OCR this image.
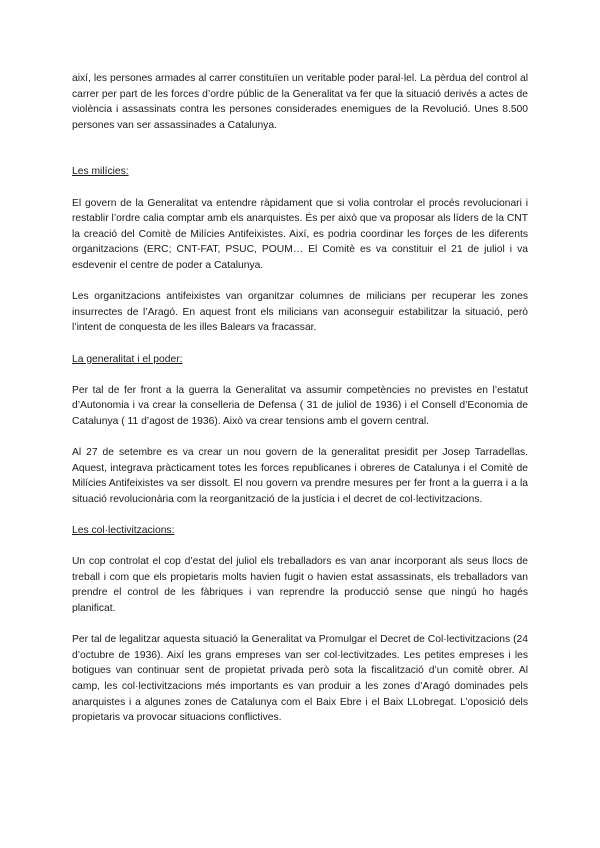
així, les persones armades al carrer constituïen un veritable poder paral·lel. La pèrdua del control al carrer per part de les forces d’ordre públic de la Generalitat va fer que la situació derivés a actes de violència i assassinats contra les persones considerades enemigues de la Revolució. Unes 8.500 persones van ser assassinades a Catalunya.

Les milícies:

El govern de la Generalitat va entendre ràpidament que si volia controlar el procés revolucionari i restablir l’ordre calia comptar amb els anarquistes. És per això que va proposar als líders de la CNT la creació del Comitè de Milícies Antifeixistes. Així, es podria coordinar les forçes de les diferents organitzacions (ERC; CNT-FAT, PSUC, POUM… El Comitè es va constituir el 21 de juliol i va esdevenir el centre de poder a Catalunya.

Les organitzacions antifeixistes van organitzar columnes de milicians per recuperar les zones insurrectes de l’Aragó. En aquest front els milicians van aconseguir estabilitzar la situació, però l’intent de conquesta de les illes Balears va fracassar.

La generalitat i el poder:

Per tal de fer front a la guerra la Generalitat va assumir competències no previstes en l’estatut d’Autonomia i va crear la conselleria de Defensa ( 31 de juliol de 1936) i el Consell d’Economia de Catalunya ( 11 d’agost de 1936). Això va crear tensions amb el govern central.

Al 27 de setembre es va crear un nou govern de la generalitat presidit per Josep Tarradellas. Aquest, integrava pràcticament totes les forces republicanes i obreres de Catalunya i el Comitè de Milícies Antifeixistes va ser dissolt. El nou govern va prendre mesures per fer front a la guerra i a la situació revolucionària com la reorganització de la justícia i el decret de col·lectivitzacions.

Les col·lectivitzacions:

Un cop controlat el cop d’estat del juliol els treballadors es van anar incorporant als seus llocs de treball i com que els propietaris molts havien fugit o havien estat assassinats, els treballadors van prendre el control de les fàbriques i van reprendre la producció sense que ningú ho hagés planificat.

Per tal de legalitzar aquesta situació la Generalitat va Promulgar el Decret de Col·lectivitzacions (24 d’octubre de 1936). Així les grans empreses van ser col·lectivitzades. Les petites empreses i les botigues van continuar sent de propietat privada però sota la fiscalització d’un comitè obrer. Al camp, les col·lectivitzacions més importants es van produir a les zones d’Aragó dominades pels anarquistes i a algunes zones de Catalunya com el Baix Ebre i el Baix LLobregat. L’oposició dels propietaris va provocar situacions conflictives.
